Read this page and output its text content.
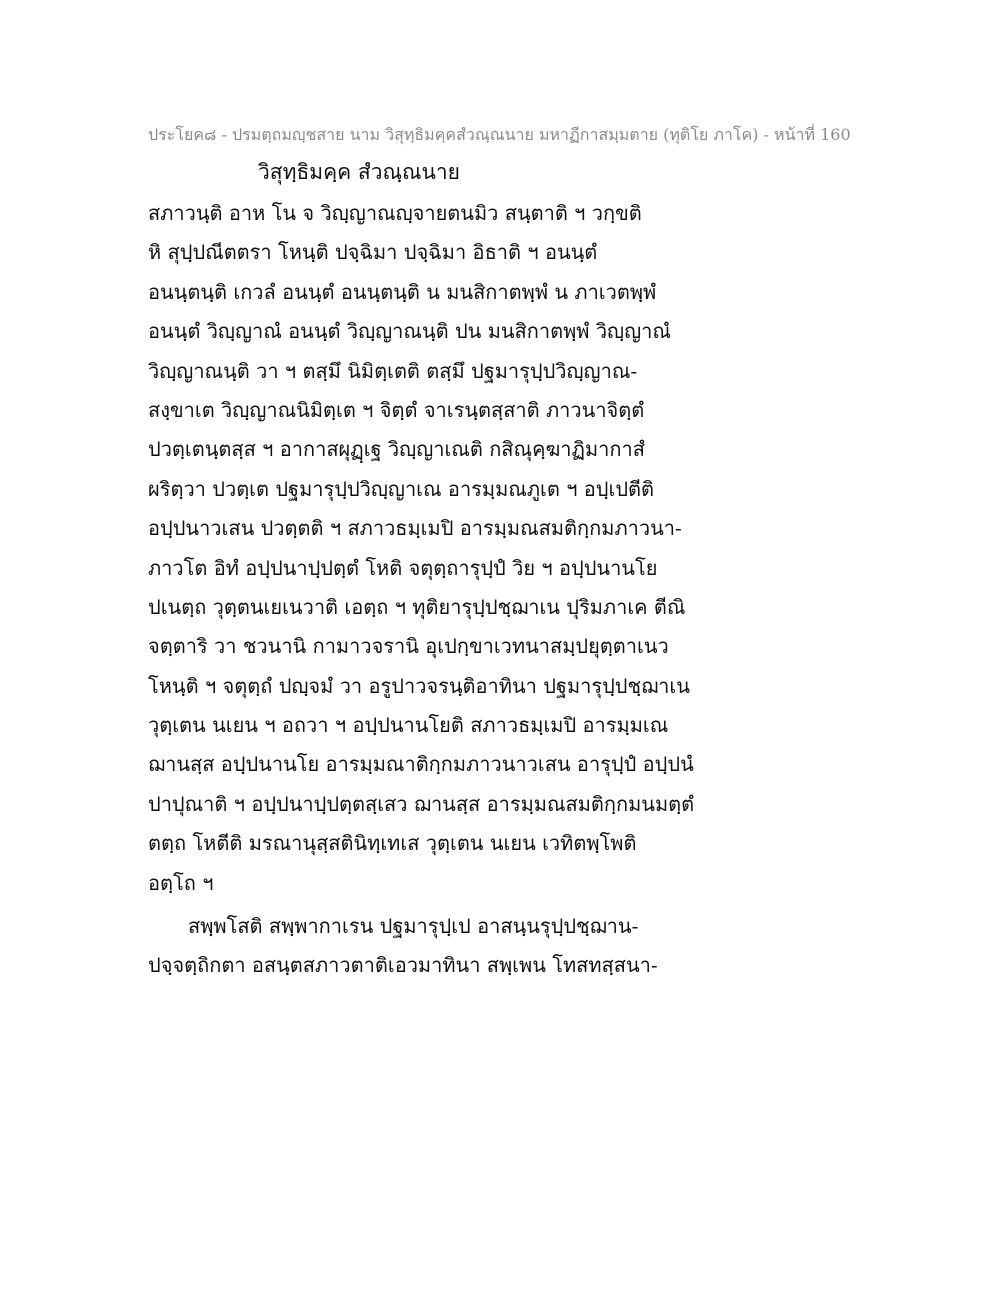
ประโยค๘ - ปรมตฺถมญฺชสาย นาม วิสุทฺธิมคฺคสํวณฺณนาย มหาฏีกาสมฺมตาย (ทุติโย ภาโค) - หน้าที่ 160
วิสุทฺธิมคฺค สํวณฺณนาย
สภาวนฺติ อาห โน จ วิญฺญาณญฺจายตนมิว สนฺตาติ ฯ วกฺขติ
หิ สุปฺปณีตตรา โหนฺติ ปจฺฉิมา ปจฺฉิมา อิธาติ ฯ อนนฺตํ
อนนฺตนฺติ เกวลํ อนนฺตํ อนนฺตนฺติ น มนสิกาตพฺพํ น ภาเวตพฺพํ
อนนฺตํ วิญฺญาณํ อนนฺตํ วิญฺญาณนฺติ ปน มนสิกาตพฺพํ วิญฺญาณํ
วิญฺญาณนฺติ วา ฯ ตสฺมึ นิมิตฺเตติ ตสฺมึ ปฐมารุปฺปวิญฺญาณ-
สงฺขาเต วิญฺญาณนิมิตฺเต ฯ จิตฺตํ จาเรนฺตสฺสาติ ภาวนาจิตฺตํ
ปวตฺเตนฺตสฺส ฯ อากาสผุฏฺเฐ วิญฺญาเณติ กสิณุคฺฆาฏิมากาสํ
ผริตฺวา ปวตฺเต ปฐมารุปฺปวิญฺญาเณ อารมฺมณภูเต ฯ อปฺเปตีติ
อปฺปนาวเสน ปวตฺตติ ฯ สภาวธมฺเมปิ อารมฺมณสมติกฺกมภาวนา-
ภาวโต อิทํ อปฺปนาปฺปตฺตํ โหติ จตุตฺถารุปฺปํ วิย ฯ อปฺปนานโย
ปเนตฺถ วุตฺตนเยเนวาติ เอตฺถ ฯ ทุติยารุปฺปชฺฌาเน ปุริมภาเค ตีณิ
จตฺตาริ วา ชวนานิ กามาวจรานิ อุเปกฺขาเวทนาสมฺปยุตฺตาเนว
โหนฺติ ฯ จตุตฺถํ ปญฺจมํ วา อรูปาวจรนฺติอาทินา ปฐมารุปฺปชฺฌาเน
วุตฺเตน นเยน ฯ อถวา ฯ อปฺปนานโยติ สภาวธมฺเมปิ อารมฺมเณ
ฌานสฺส อปฺปนานโย อารมฺมณาติกฺกมภาวนาวเสน อารุปฺปํ อปฺปนํ
ปาปุณาติ ฯ อปฺปนาปฺปตฺตสฺเสว ฌานสฺส อารมฺมณสมติกฺกมนมตฺตํ
ตตฺถ โหตีติ มรณานุสฺสตินิทฺเทเส วุตฺเตน นเยน เวทิตพฺโพติ
อตฺโถ ฯ
สพฺพโสติ สพฺพากาเรน ปฐมารุปฺเป อาสนฺนรุปฺปชฺฌาน-
ปจฺจตฺถิกตา อสนฺตสภาวตาติเอวมาทินา สพฺเพน โทสทสฺสนา-
